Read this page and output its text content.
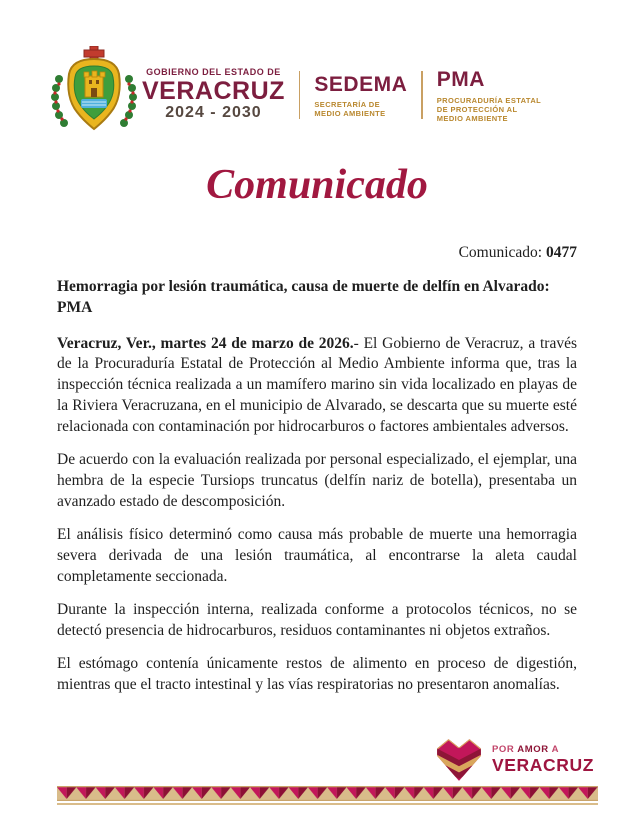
GOBIERNO DEL ESTADO DE
VERACRUZ
2024 - 2030
SEDEMA
SECRETARÍA DE MEDIO AMBIENTE
PMA
PROCURADURÍA ESTATAL DE PROTECCIÓN AL MEDIO AMBIENTE
Comunicado
Comunicado: 0477
Hemorragia por lesión traumática, causa de muerte de delfín en Alvarado: PMA

Veracruz, Ver., martes 24 de marzo de 2026.- El Gobierno de Veracruz, a través de la Procuraduría Estatal de Protección al Medio Ambiente informa que, tras la inspección técnica realizada a un mamífero marino sin vida localizado en playas de la Riviera Veracruzana, en el municipio de Alvarado, se descarta que su muerte esté relacionada con contaminación por hidrocarburos o factores ambientales adversos.

De acuerdo con la evaluación realizada por personal especializado, el ejemplar, una hembra de la especie Tursiops truncatus (delfín nariz de botella), presentaba un avanzado estado de descomposición.

El análisis físico determinó como causa más probable de muerte una hemorragia severa derivada de una lesión traumática, al encontrarse la aleta caudal completamente seccionada.

Durante la inspección interna, realizada conforme a protocolos técnicos, no se detectó presencia de hidrocarburos, residuos contaminantes ni objetos extraños.

El estómago contenía únicamente restos de alimento en proceso de digestión, mientras que el tracto intestinal y las vías respiratorias no presentaron anomalías.

POR AMOR A
VERACRUZ
